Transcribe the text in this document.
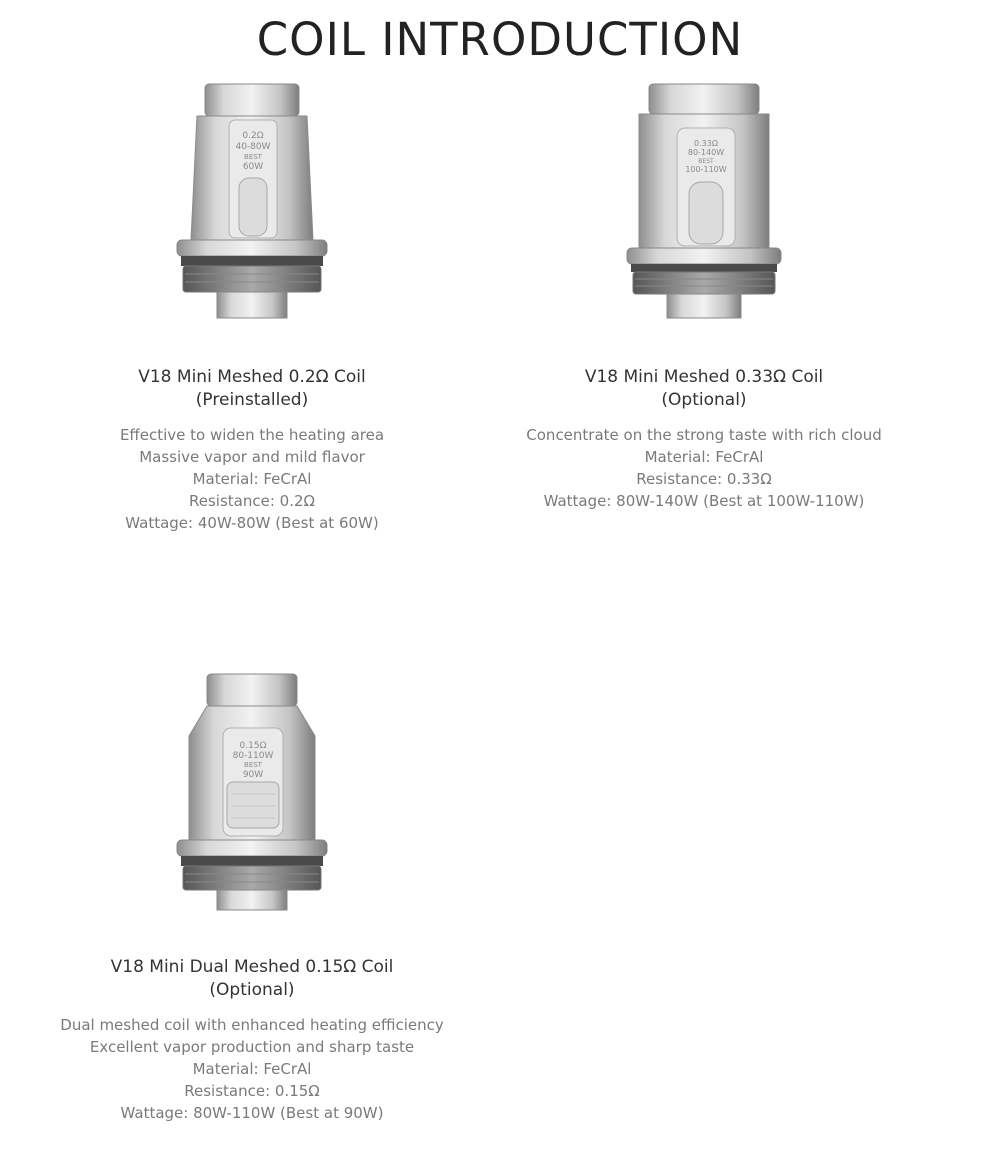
COIL INTRODUCTION
0.2Ω
40-80W
BEST
60W

V18 Mini Meshed 0.2Ω Coil

(Preinstalled)

Effective to widen the heating area
Massive vapor and mild flavor
Material: FeCrAl
Resistance: 0.2Ω
Wattage: 40W-80W (Best at 60W)
0.33Ω
80-140W
BEST
100-110W

V18 Mini Meshed 0.33Ω Coil

(Optional)

Concentrate on the strong taste with rich cloud
Material: FeCrAl
Resistance: 0.33Ω
Wattage: 80W-140W (Best at 100W-110W)
0.15Ω
80-110W
BEST
90W

V18 Mini Dual Meshed 0.15Ω Coil

(Optional)

Dual meshed coil with enhanced heating efficiency
Excellent vapor production and sharp taste
Material: FeCrAl
Resistance: 0.15Ω
Wattage: 80W-110W (Best at 90W)
